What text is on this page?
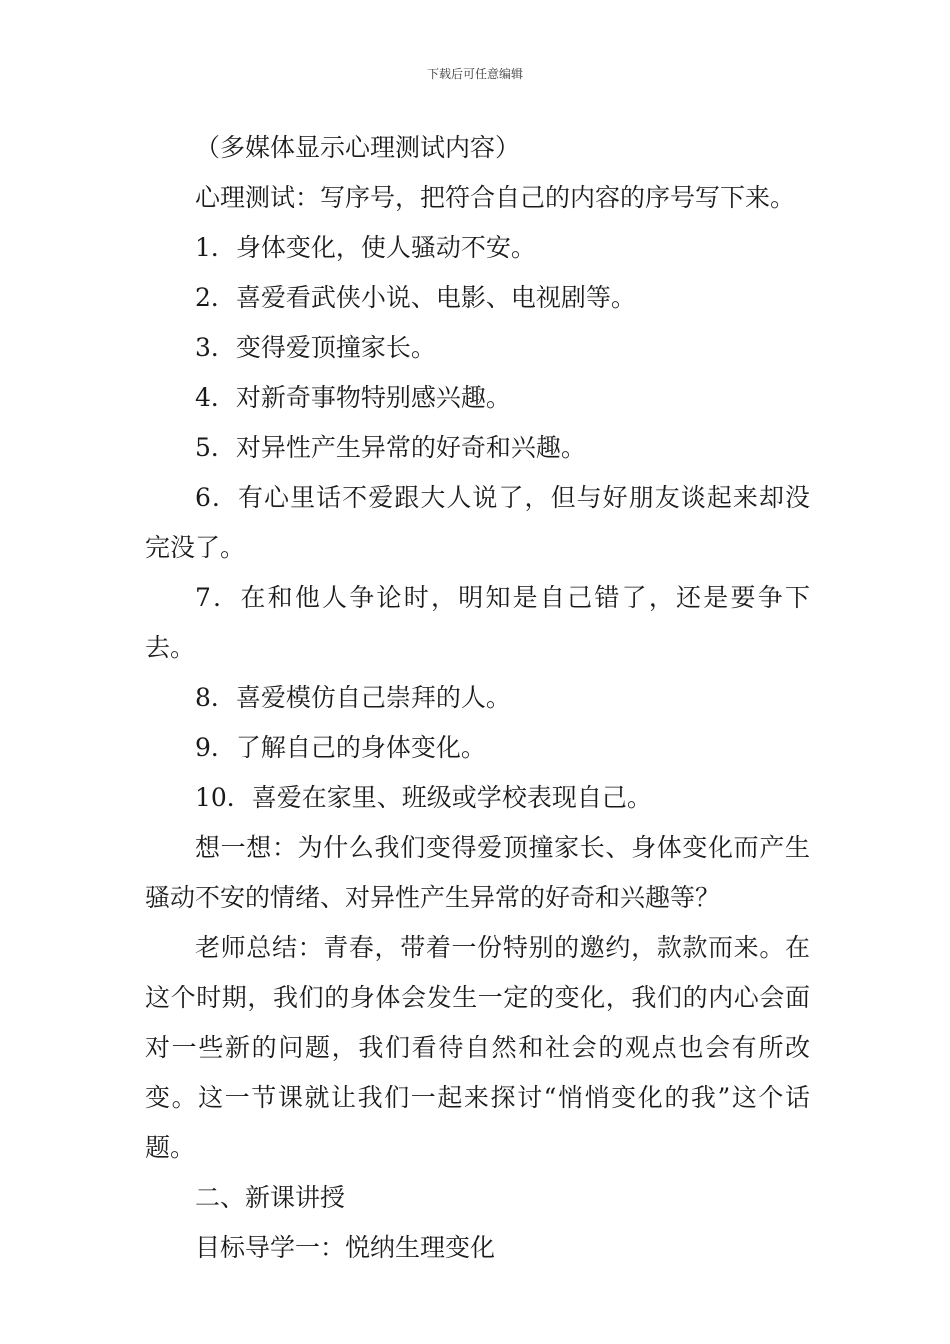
下载后可任意编辑

（多媒体显示心理测试内容）

心理测试：写序号，把符合自己的内容的序号写下来。

1．身体变化，使人骚动不安。

2．喜爱看武侠小说、电影、电视剧等。

3．变得爱顶撞家长。

4．对新奇事物特别感兴趣。

5．对异性产生异常的好奇和兴趣。

6．有心里话不爱跟大人说了，但与好朋友谈起来却没完没了。

7．在和他人争论时，明知是自己错了，还是要争下去。

8．喜爱模仿自己崇拜的人。

9．了解自己的身体变化。

10．喜爱在家里、班级或学校表现自己。

想一想：为什么我们变得爱顶撞家长、身体变化而产生骚动不安的情绪、对异性产生异常的好奇和兴趣等？

老师总结：青春，带着一份特别的邀约，款款而来。在这个时期，我们的身体会发生一定的变化，我们的内心会面对一些新的问题，我们看待自然和社会的观点也会有所改变。这一节课就让我们一起来探讨“悄悄变化的我”这个话题。

二、新课讲授

目标导学一：悦纳生理变化
